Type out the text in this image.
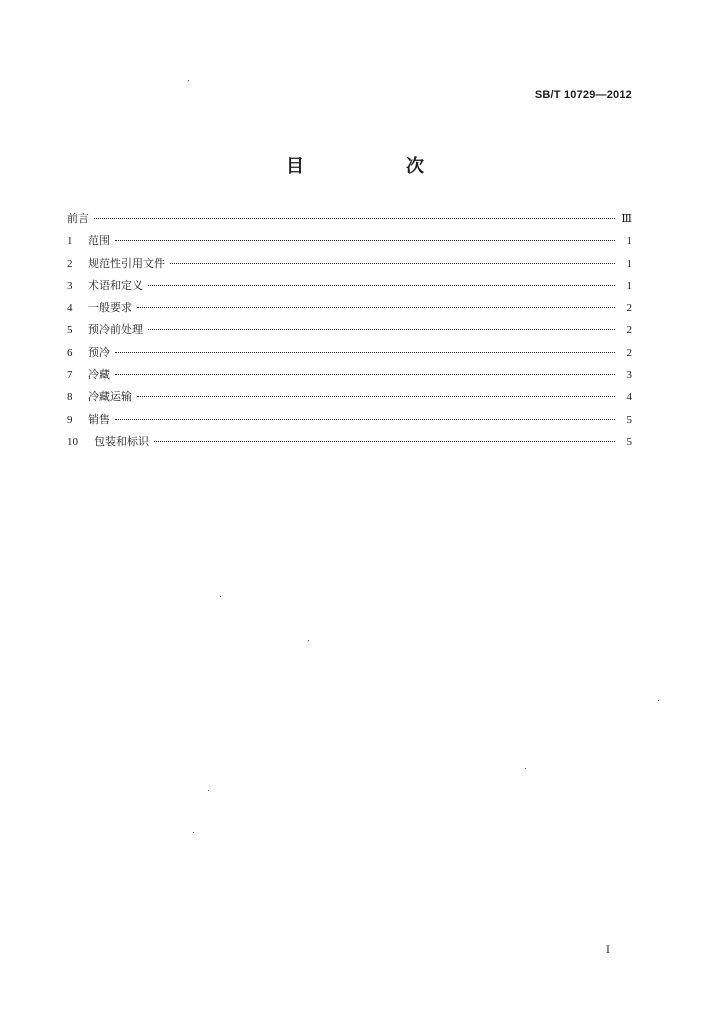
SB/T 10729—2012
目　次
前言	Ⅲ
1	范围	1
2	规范性引用文件	1
3	术语和定义	1
4	一般要求	2
5	预冷前处理	2
6	预冷	2
7	冷藏	3
8	冷藏运输	4
9	销售	5
10	包装和标识	5
Ⅰ
